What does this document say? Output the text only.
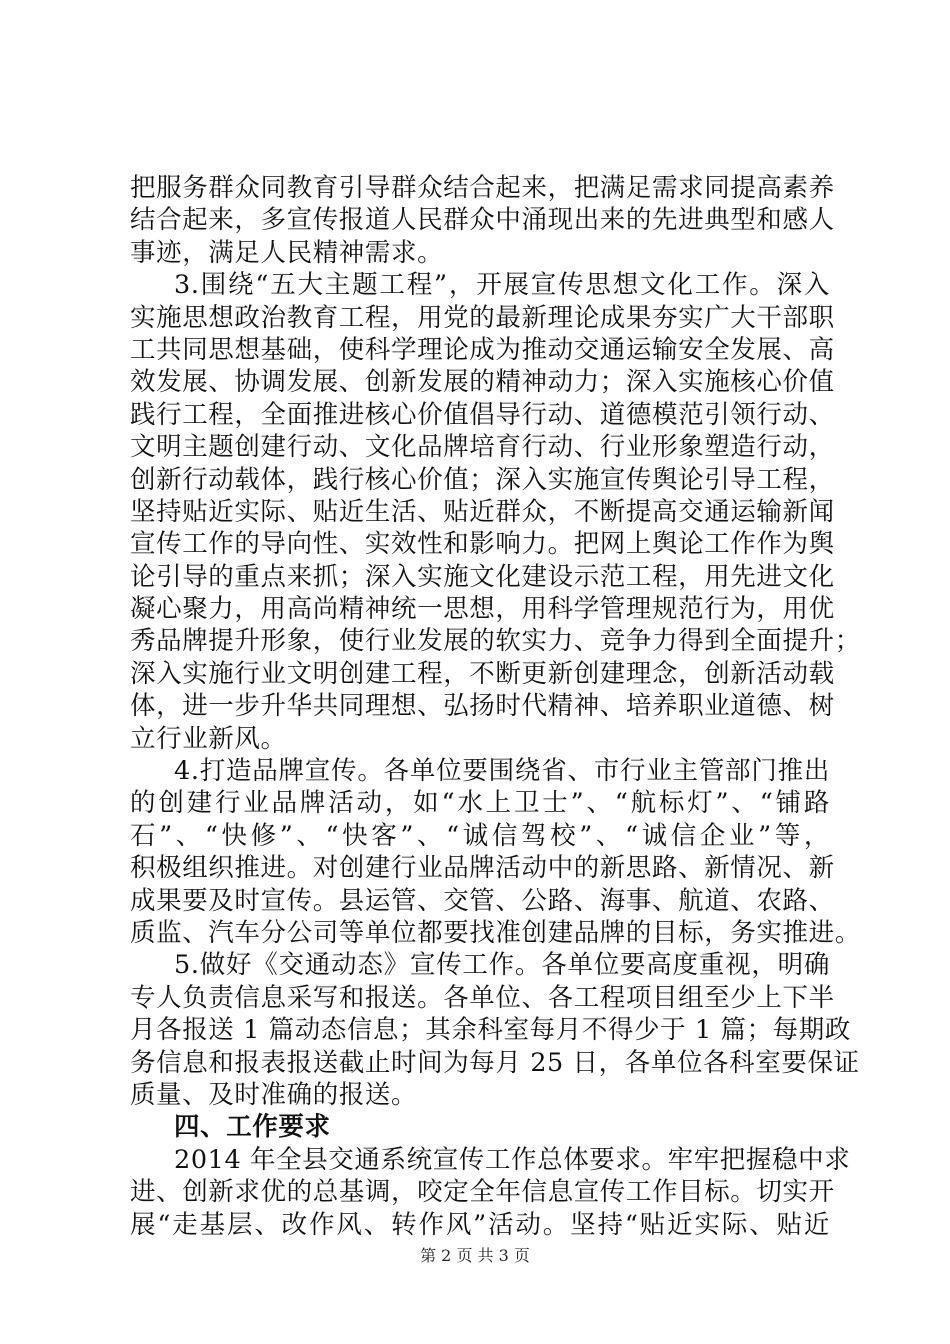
把服务群众同教育引导群众结合起来，把满足需求同提高素养
结合起来，多宣传报道人民群众中涌现出来的先进典型和感人
事迹，满足人民精神需求。
3.围绕“五大主题工程”，开展宣传思想文化工作。深入
实施思想政治教育工程，用党的最新理论成果夯实广大干部职
工共同思想基础，使科学理论成为推动交通运输安全发展、高
效发展、协调发展、创新发展的精神动力；深入实施核心价值
践行工程，全面推进核心价值倡导行动、道德模范引领行动、
文明主题创建行动、文化品牌培育行动、行业形象塑造行动，
创新行动载体，践行核心价值；深入实施宣传舆论引导工程，
坚持贴近实际、贴近生活、贴近群众，不断提高交通运输新闻
宣传工作的导向性、实效性和影响力。把网上舆论工作作为舆
论引导的重点来抓；深入实施文化建设示范工程，用先进文化
凝心聚力，用高尚精神统一思想，用科学管理规范行为，用优
秀品牌提升形象，使行业发展的软实力、竞争力得到全面提升；
深入实施行业文明创建工程，不断更新创建理念，创新活动载
体，进一步升华共同理想、弘扬时代精神、培养职业道德、树
立行业新风。
4.打造品牌宣传。各单位要围绕省、市行业主管部门推出
的创建行业品牌活动，如“水上卫士”、“航标灯”、“铺路
石”、“快修”、“快客”、“诚信驾校”、“诚信企业”等，
积极组织推进。对创建行业品牌活动中的新思路、新情况、新
成果要及时宣传。县运管、交管、公路、海事、航道、农路、
质监、汽车分公司等单位都要找准创建品牌的目标，务实推进。
5.做好《交通动态》宣传工作。各单位要高度重视，明确
专人负责信息采写和报送。各单位、各工程项目组至少上下半
月各报送 1 篇动态信息；其余科室每月不得少于 1 篇；每期政
务信息和报表报送截止时间为每月 25 日，各单位各科室要保证
质量、及时准确的报送。
四、工作要求
2014 年全县交通系统宣传工作总体要求。牢牢把握稳中求
进、创新求优的总基调，咬定全年信息宣传工作目标。切实开
展“走基层、改作风、转作风”活动。坚持“贴近实际、贴近
第 2 页 共 3 页
